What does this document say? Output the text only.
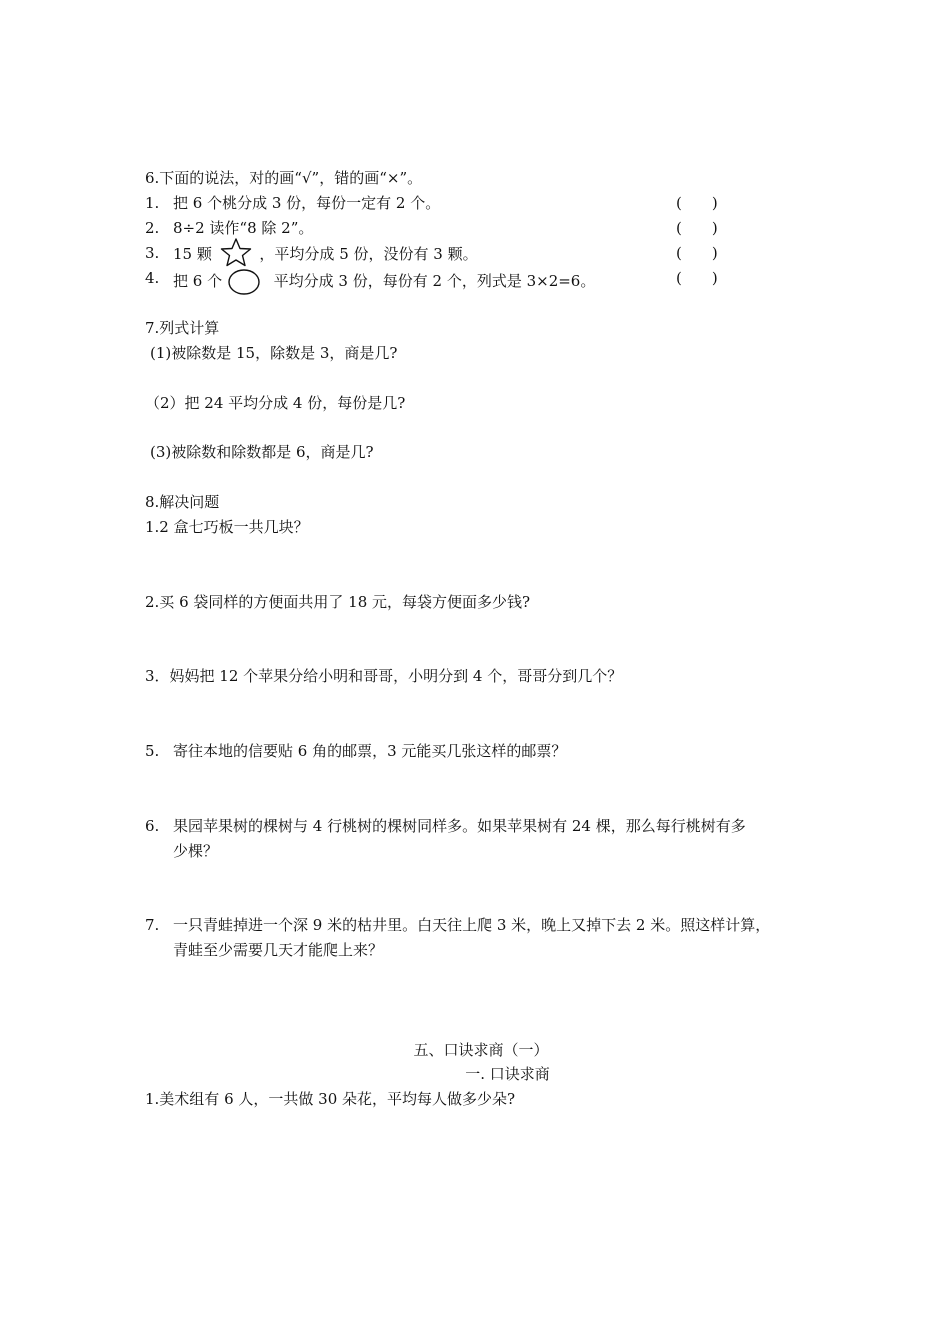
6.下面的说法，对的画“√”，错的画“×”。
1. 把 6 个桃分成 3 份，每份一定有 2 个。	(　　)
2. 8÷2 读作“8 除 2”。	(　　)
3. 15 颗	，平均分成 5 份，没份有 3 颗。	(　　)
4. 把 6 个	平均分成 3 份，每份有 2 个，列式是 3×2=6。	(　　)
7.列式计算
(1)被除数是 15，除数是 3，商是几?
（2）把 24 平均分成 4 份，每份是几?
(3)被除数和除数都是 6，商是几?
8.解决问题
1.2 盒七巧板一共几块？
2.买 6 袋同样的方便面共用了 18 元，每袋方便面多少钱?
3．妈妈把 12 个苹果分给小明和哥哥，小明分到 4 个，哥哥分到几个？
5. 寄往本地的信要贴 6 角的邮票，3 元能买几张这样的邮票？
6. 果园苹果树的棵树与 4 行桃树的棵树同样多。如果苹果树有 24 棵，那么每行桃树有多
少棵？
7. 一只青蛙掉进一个深 9 米的枯井里。白天往上爬 3 米，晚上又掉下去 2 米。照这样计算，
青蛙至少需要几天才能爬上来？
五、口诀求商（一）
一. 口诀求商
1.美术组有 6 人，一共做 30 朵花，平均每人做多少朵?
